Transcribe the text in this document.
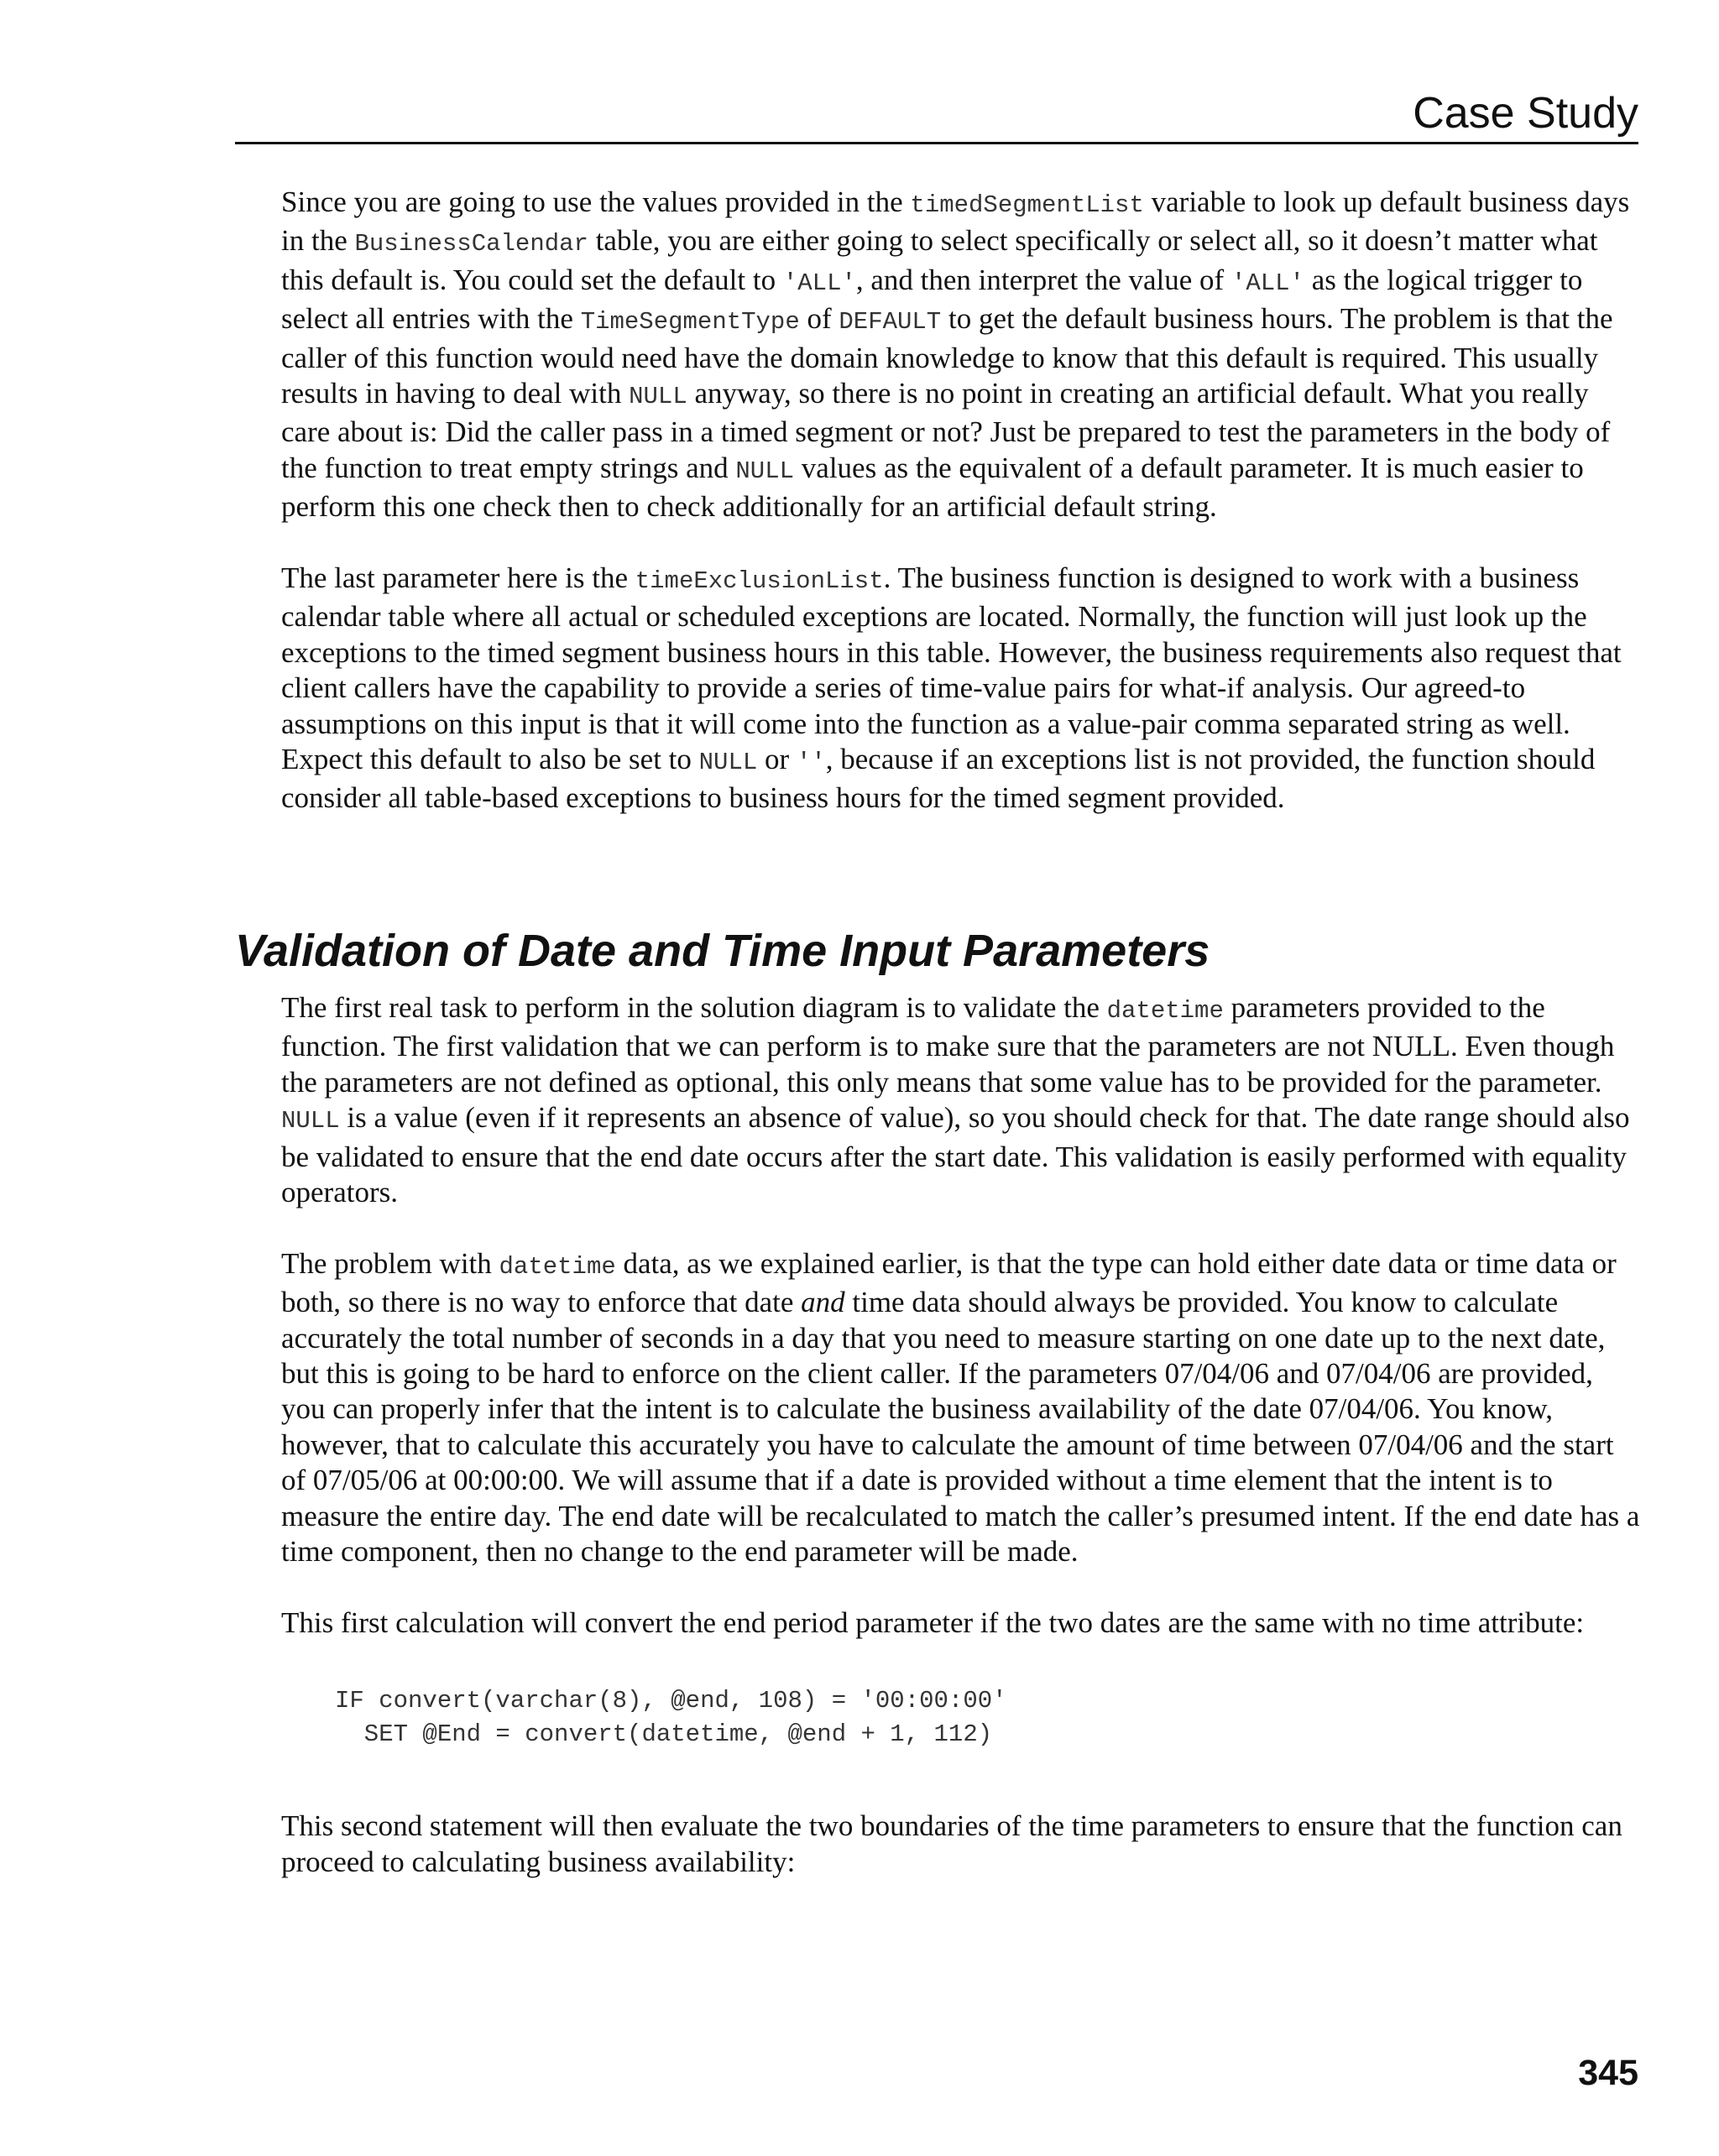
Case Study

Since you are going to use the values provided in the timedSegmentList variable to look up default business days in the BusinessCalendar table, you are either going to select specifically or select all, so it doesn’t matter what this default is. You could set the default to 'ALL', and then interpret the value of 'ALL' as the logical trigger to select all entries with the TimeSegmentType of DEFAULT to get the default business hours. The problem is that the caller of this function would need have the domain knowledge to know that this default is required. This usually results in having to deal with NULL anyway, so there is no point in creating an artificial default. What you really care about is: Did the caller pass in a timed segment or not? Just be prepared to test the parameters in the body of the function to treat empty strings and NULL values as the equivalent of a default parameter. It is much easier to perform this one check then to check additionally for an artificial default string.

The last parameter here is the timeExclusionList. The business function is designed to work with a business calendar table where all actual or scheduled exceptions are located. Normally, the function will just look up the exceptions to the timed segment business hours in this table. However, the business requirements also request that client callers have the capability to provide a series of time-value pairs for what-if analysis. Our agreed-to assumptions on this input is that it will come into the function as a value-pair comma separated string as well. Expect this default to also be set to NULL or '', because if an exceptions list is not provided, the function should consider all table-based exceptions to business hours for the timed segment provided.

Validation of Date and Time Input Parameters

The first real task to perform in the solution diagram is to validate the datetime parameters provided to the function. The first validation that we can perform is to make sure that the parameters are not NULL. Even though the parameters are not defined as optional, this only means that some value has to be provided for the parameter. NULL is a value (even if it represents an absence of value), so you should check for that. The date range should also be validated to ensure that the end date occurs after the start date. This validation is easily performed with equality operators.

The problem with datetime data, as we explained earlier, is that the type can hold either date data or time data or both, so there is no way to enforce that date and time data should always be provided. You know to calculate accurately the total number of seconds in a day that you need to measure starting on one date up to the next date, but this is going to be hard to enforce on the client caller. If the parameters 07/04/06 and 07/04/06 are provided, you can properly infer that the intent is to calculate the business availability of the date 07/04/06. You know, however, that to calculate this accurately you have to calculate the amount of time between 07/04/06 and the start of 07/05/06 at 00:00:00. We will assume that if a date is provided without a time element that the intent is to measure the entire day. The end date will be recalculated to match the caller’s presumed intent. If the end date has a time component, then no change to the end parameter will be made.

This first calculation will convert the end period parameter if the two dates are the same with no time attribute:

IF convert(varchar(8), @end, 108) = '00:00:00'
SET @End = convert(datetime, @end + 1, 112)

This second statement will then evaluate the two boundaries of the time parameters to ensure that the function can proceed to calculating business availability:

345
